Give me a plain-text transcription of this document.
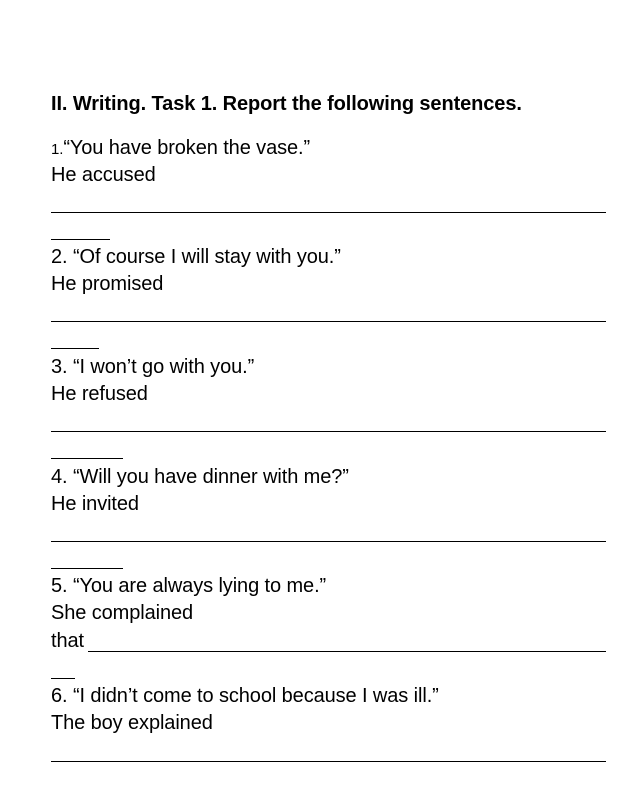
II. Writing. Task 1. Report the following sentences.
1.“You have broken the vase.”
He accused
2. “Of course I will stay with you.”
He promised
3. “I won’t go with you.”
He refused
4. “Will you have dinner with me?”
He invited
5. “You are always lying to me.”
She complained
that
6. “I didn’t come to school because I was ill.”
The boy explained
